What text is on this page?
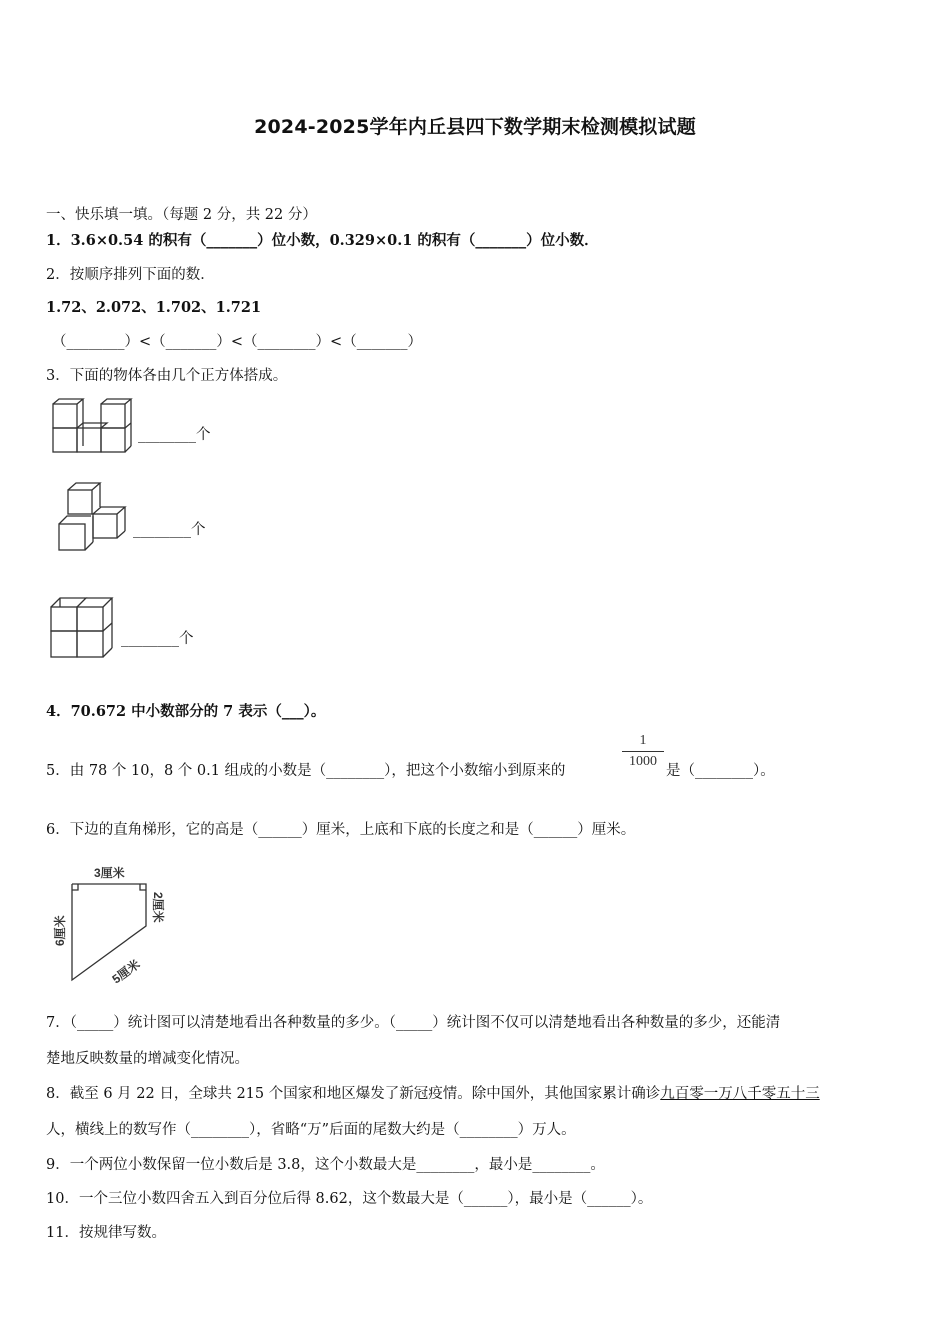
2024-2025学年内丘县四下数学期末检测模拟试题
一、快乐填一填。（每题 2 分，共 22 分）
1．3.6×0.54 的积有（_______）位小数，0.329×0.1 的积有（_______）位小数．
2．按顺序排列下面的数．
1.72、2.072、1.702、1.721
（________）<（_______）<（________）<（_______）
3．下面的物体各由几个正方体搭成。
________个
________个
________个
4．70.672 中小数部分的 7 表示（___）。
5．由 78 个 10，8 个 0.1 组成的小数是（________），把这个小数缩小到原来的
1
1000
是（________）。
6．下边的直角梯形，它的高是（______）厘米，上底和下底的长度之和是（______）厘米。
3厘米
6厘米
2厘米
5厘米
7．（_____）统计图可以清楚地看出各种数量的多少。（_____）统计图不仅可以清楚地看出各种数量的多少，还能清
楚地反映数量的增减变化情况。
8．截至 6 月 22 日，全球共 215 个国家和地区爆发了新冠疫情。除中国外，其他国家累计确诊九百零一万八千零五十三
人，横线上的数写作（________），省略“万”后面的尾数大约是（________）万人。
9．一个两位小数保留一位小数后是 3.8，这个小数最大是________，最小是________。
10．一个三位小数四舍五入到百分位后得 8.62，这个数最大是（______），最小是（______）。
11．按规律写数。
